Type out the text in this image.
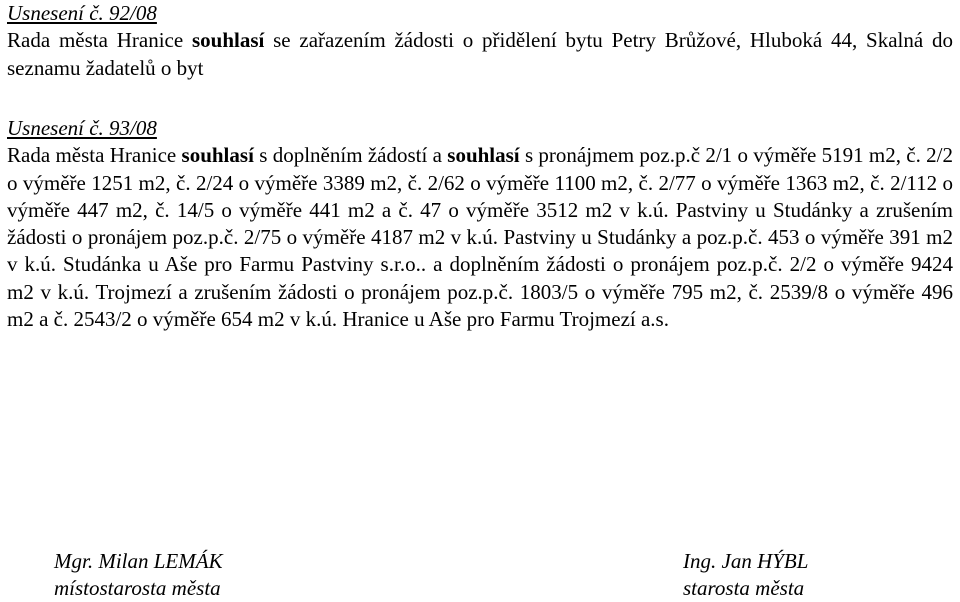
Usnesení č. 92/08
Rada města Hranice souhlasí se zařazením žádosti o přidělení bytu Petry Brůžové, Hluboká 44, Skalná do seznamu žadatelů o byt
Usnesení č. 93/08
Rada města Hranice souhlasí s doplněním žádostí a souhlasí s pronájmem poz.p.č 2/1 o výměře 5191 m2, č. 2/2 o výměře 1251 m2, č. 2/24 o výměře 3389 m2, č. 2/62 o výměře 1100 m2, č. 2/77 o výměře 1363 m2, č. 2/112 o výměře 447 m2, č. 14/5 o výměře 441 m2 a č. 47 o výměře 3512 m2 v k.ú. Pastviny u Studánky a zrušením žádosti o pronájem poz.p.č. 2/75 o výměře 4187 m2 v k.ú. Pastviny u Studánky a poz.p.č. 453 o výměře 391 m2 v k.ú. Studánka u Aše pro Farmu Pastviny s.r.o.. a doplněním žádosti o pronájem poz.p.č. 2/2 o výměře 9424 m2 v k.ú. Trojmezí a zrušením žádosti o pronájem poz.p.č. 1803/5 o výměře 795 m2, č. 2539/8 o výměře 496 m2 a č. 2543/2 o výměře 654 m2 v k.ú. Hranice u Aše pro Farmu Trojmezí a.s.
Mgr. Milan LEMÁK
místostarosta města
Ing. Jan HÝBL
starosta města
